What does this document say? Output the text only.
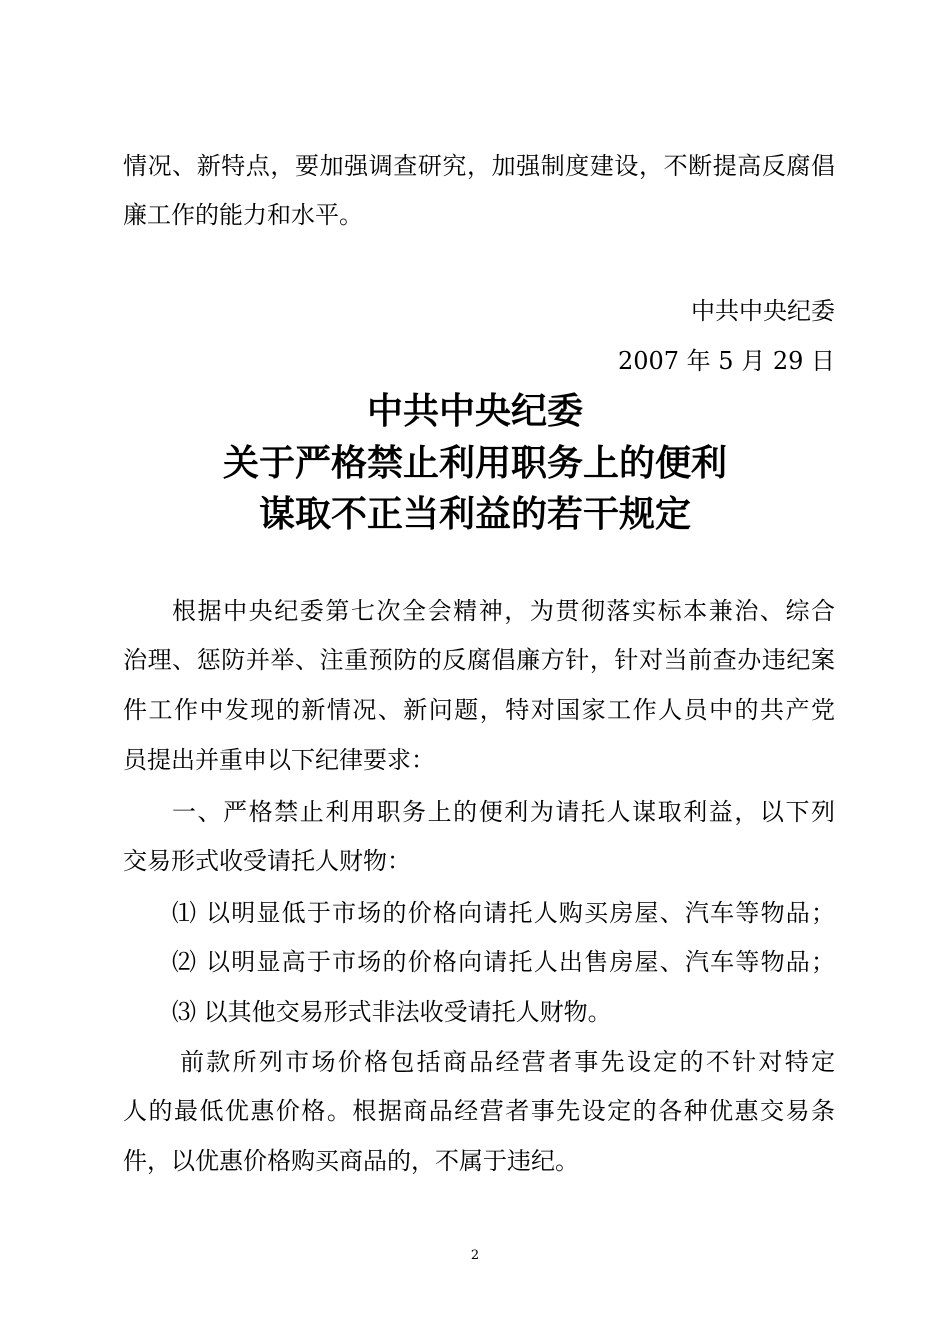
情况、新特点，要加强调查研究，加强制度建设，不断提高反腐倡
廉工作的能力和水平。
中共中央纪委
2007 年 5 月 29 日
中共中央纪委
关于严格禁止利用职务上的便利
谋取不正当利益的若干规定
根据中央纪委第七次全会精神，为贯彻落实标本兼治、综合
治理、惩防并举、注重预防的反腐倡廉方针，针对当前查办违纪案
件工作中发现的新情况、新问题，特对国家工作人员中的共产党
员提出并重申以下纪律要求：
一、严格禁止利用职务上的便利为请托人谋取利益，以下列
交易形式收受请托人财物：
⑴ 以明显低于市场的价格向请托人购买房屋、汽车等物品；
⑵ 以明显高于市场的价格向请托人出售房屋、汽车等物品；
⑶ 以其他交易形式非法收受请托人财物。
前款所列市场价格包括商品经营者事先设定的不针对特定
人的最低优惠价格。根据商品经营者事先设定的各种优惠交易条
件，以优惠价格购买商品的，不属于违纪。
2
